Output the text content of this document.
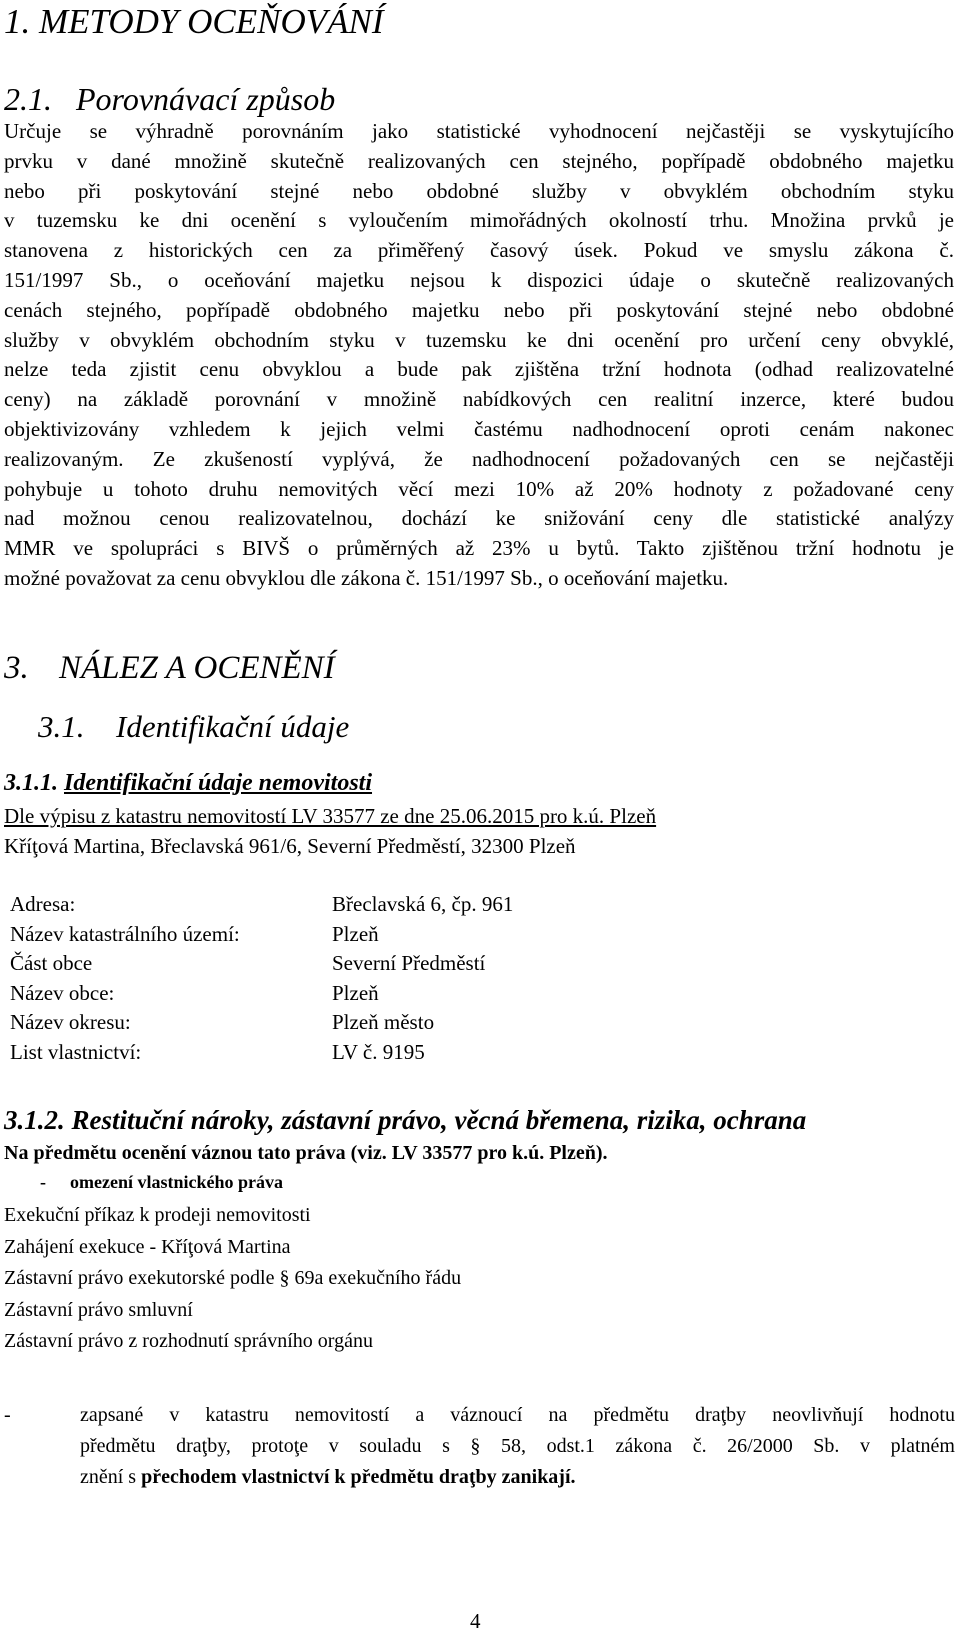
1. METODY OCEŇOVÁNÍ
2.1. Porovnávací způsob
Určuje se výhradně porovnáním jako statistické vyhodnocení nejčastěji se vyskytujícího
prvku v dané množině skutečně realizovaných cen stejného, popřípadě obdobného majetku
nebo při poskytování stejné nebo obdobné služby v obvyklém obchodním styku
v tuzemsku ke dni ocenění s vyloučením mimořádných okolností trhu. Množina prvků je
stanovena z historických cen za přiměřený časový úsek. Pokud ve smyslu zákona č.
151/1997 Sb., o oceňování majetku nejsou k dispozici údaje o skutečně realizovaných
cenách stejného, popřípadě obdobného majetku nebo při poskytování stejné nebo obdobné
služby v obvyklém obchodním styku v tuzemsku ke dni ocenění pro určení ceny obvyklé,
nelze teda zjistit cenu obvyklou a bude pak zjištěna tržní hodnota (odhad realizovatelné
ceny) na základě porovnání v množině nabídkových cen realitní inzerce, které budou
objektivizovány vzhledem k jejich velmi častému nadhodnocení oproti cenám nakonec
realizovaným. Ze zkušeností vyplývá, že nadhodnocení požadovaných cen se nejčastěji
pohybuje u tohoto druhu nemovitých věcí mezi 10% až 20% hodnoty z požadované ceny
nad možnou cenou realizovatelnou, dochází ke snižování ceny dle statistické analýzy
MMR ve spolupráci s BIVŠ o průměrných až 23% u bytů. Takto zjištěnou tržní hodnotu je
možné považovat za cenu obvyklou dle zákona č. 151/1997 Sb., o oceňování majetku.
3. NÁLEZ A OCENĚNÍ
3.1. Identifikační údaje
3.1.1. Identifikační údaje nemovitosti
Dle výpisu z katastru nemovitostí LV 33577 ze dne 25.06.2015 pro k.ú. Plzeň
Kříţová Martina, Břeclavská 961/6, Severní Předměstí, 32300 Plzeň
Adresa:	Břeclavská 6, čp. 961
Název katastrálního území:	Plzeň
Část obce	Severní Předměstí
Název obce:	Plzeň
Název okresu:	Plzeň město
List vlastnictví:	LV č. 9195
3.1.2. Restituční nároky, zástavní právo, věcná břemena, rizika, ochrana
Na předmětu ocenění váznou tato práva (viz. LV 33577 pro k.ú. Plzeň).
- omezení vlastnického práva
Exekuční příkaz k prodeji nemovitosti
Zahájení exekuce - Kříţová Martina
Zástavní právo exekutorské podle § 69a exekučního řádu
Zástavní právo smluvní
Zástavní právo z rozhodnutí správního orgánu
-	zapsané v katastru nemovitostí a váznoucí na předmětu draţby neovlivňují hodnotu
předmětu draţby, protoţe v souladu s § 58, odst.1 zákona č. 26/2000 Sb. v platném
znění s přechodem vlastnictví k předmětu draţby zanikají.
4
